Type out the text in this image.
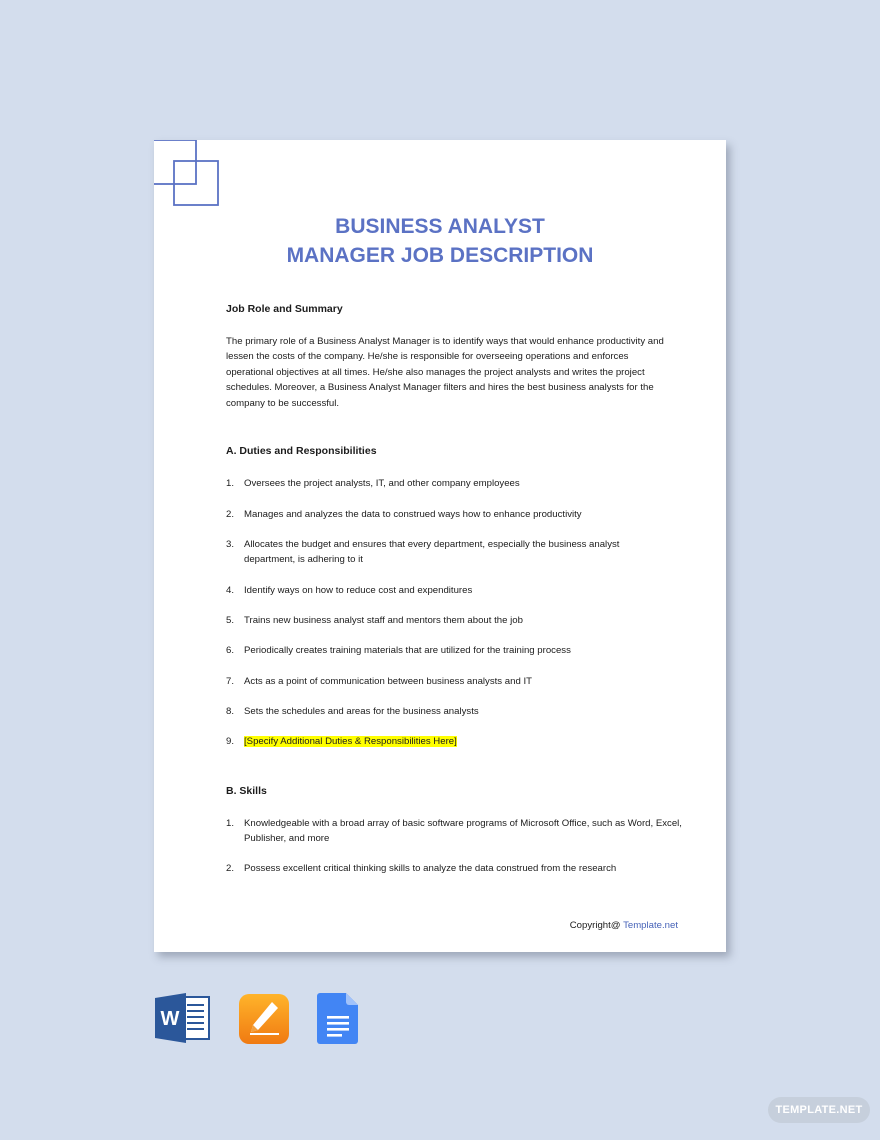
BUSINESS ANALYST
MANAGER JOB DESCRIPTION
Job Role and Summary
The primary role of a Business Analyst Manager is to identify ways that would enhance productivity and lessen the costs of the company. He/she is responsible for overseeing operations and enforces operational objectives at all times. He/she also manages the project analysts and writes the project schedules. Moreover, a Business Analyst Manager filters and hires the best business analysts for the company to be successful.
A. Duties and Responsibilities
1. Oversees the project analysts, IT, and other company employees
2. Manages and analyzes the data to construed ways how to enhance productivity
3. Allocates the budget and ensures that every department, especially the business analyst department, is adhering to it
4. Identify ways on how to reduce cost and expenditures
5. Trains new business analyst staff and mentors them about the job
6. Periodically creates training materials that are utilized for the training process
7. Acts as a point of communication between business analysts and IT
8. Sets the schedules and areas for the business analysts
9. [Specify Additional Duties & Responsibilities Here]
B. Skills
1. Knowledgeable with a broad array of basic software programs of Microsoft Office, such as Word, Excel, Publisher, and more
2. Possess excellent critical thinking skills to analyze the data construed from the research
Copyright@ Template.net
W
TEMPLATE.NET
